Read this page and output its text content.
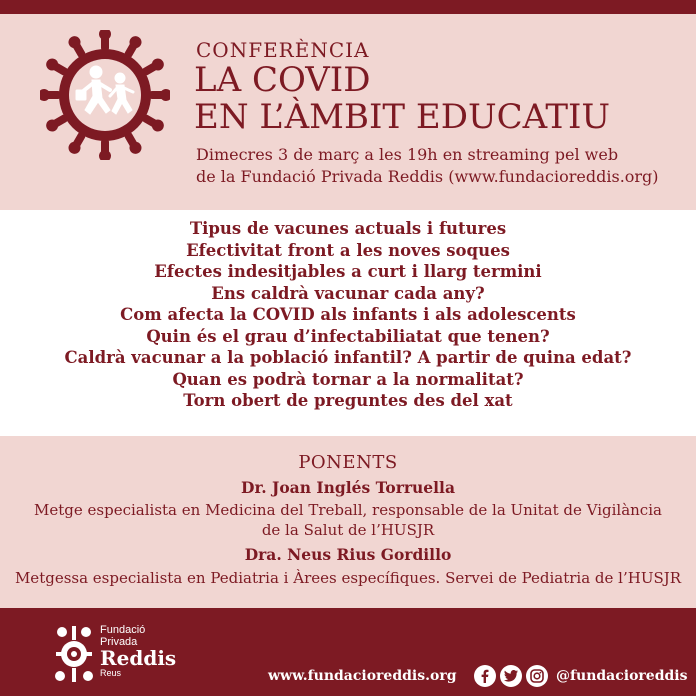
CONFERÈNCIA
LA COVID
EN L’ÀMBIT EDUCATIU
Dimecres 3 de març a les 19h en streaming pel web
de la Fundació Privada Reddis (www.fundacioreddis.org)
Tipus de vacunes actuals i futures
Efectivitat front a les noves soques
Efectes indesitjables a curt i llarg termini
Ens caldrà vacunar cada any?
Com afecta la COVID als infants i als adolescents
Quin és el grau d’infectabiliatat que tenen?
Caldrà vacunar a la població infantil? A partir de quina edat?
Quan es podrà tornar a la normalitat?
Torn obert de preguntes des del xat
PONENTS
Dr. Joan Inglés Torruella
Metge especialista en Medicina del Treball, responsable de la Unitat de Vigilància
de la Salut de l’HUSJR
Dra. Neus Rius Gordillo
Metgessa especialista en Pediatria i Àrees específiques. Servei de Pediatria de l’HUSJR
Fundació
Privada
Reddis
Reus	www.fundacioreddis.org	@fundacioreddis
